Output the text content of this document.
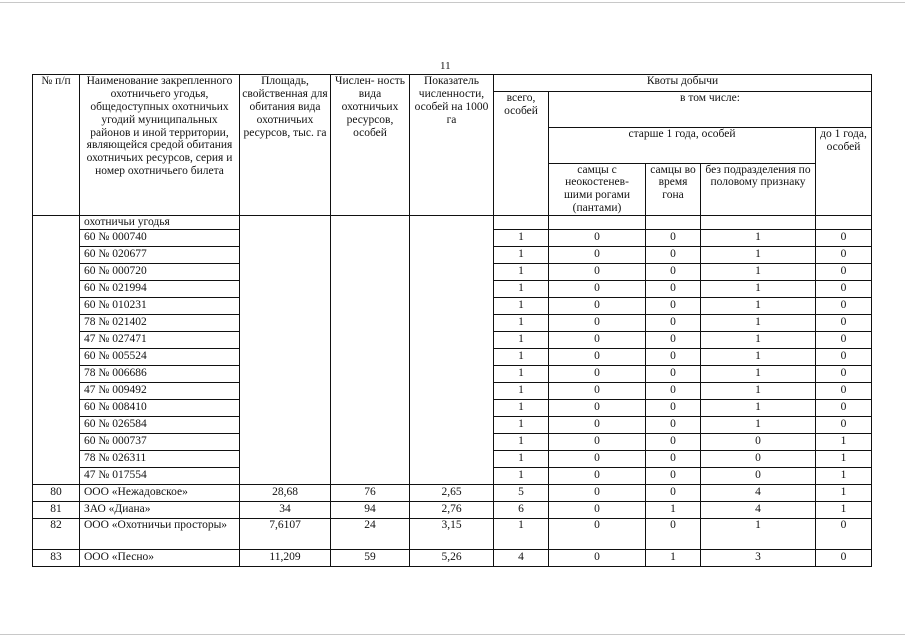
11
№ п/п	Наименование закрепленного охотничьего угодья, общедоступных охотничьих угодий муниципальных районов и иной территории, являющейся средой обитания охотничьих ресурсов, серия и номер охотничьего билета	Площадь, свойственная для обитания вида охотничьих ресурсов, тыс. га	Числен- ность вида охотничьих ресурсов, особей	Показатель численности, особей на 1000 га	Квоты добычи				
					всего, особей	в том числе:			
						старше 1 года, особей			до 1 года, особей
						самцы с неокостенев- шими рогами (пантами)	самцы во время гона	без подразделения по половому признаку	
	охотничьи угодья								
	60 № 000740				1	0	0	1	0
	60 № 020677				1	0	0	1	0
	60 № 000720				1	0	0	1	0
	60 № 021994				1	0	0	1	0
	60 № 010231				1	0	0	1	0
	78 № 021402				1	0	0	1	0
	47 № 027471				1	0	0	1	0
	60 № 005524				1	0	0	1	0
	78 № 006686				1	0	0	1	0
	47 № 009492				1	0	0	1	0
	60 № 008410				1	0	0	1	0
	60 № 026584				1	0	0	1	0
	60 № 000737				1	0	0	0	1
	78 № 026311				1	0	0	0	1
	47 № 017554				1	0	0	0	1
80	ООО «Нежадовское»	28,68	76	2,65	5	0	0	4	1
81	ЗАО «Диана»	34	94	2,76	6	0	1	4	1
82	ООО «Охотничьи просторы»	7,6107	24	3,15	1	0	0	1	0
83	ООО «Песно»	11,209	59	5,26	4	0	1	3	0
